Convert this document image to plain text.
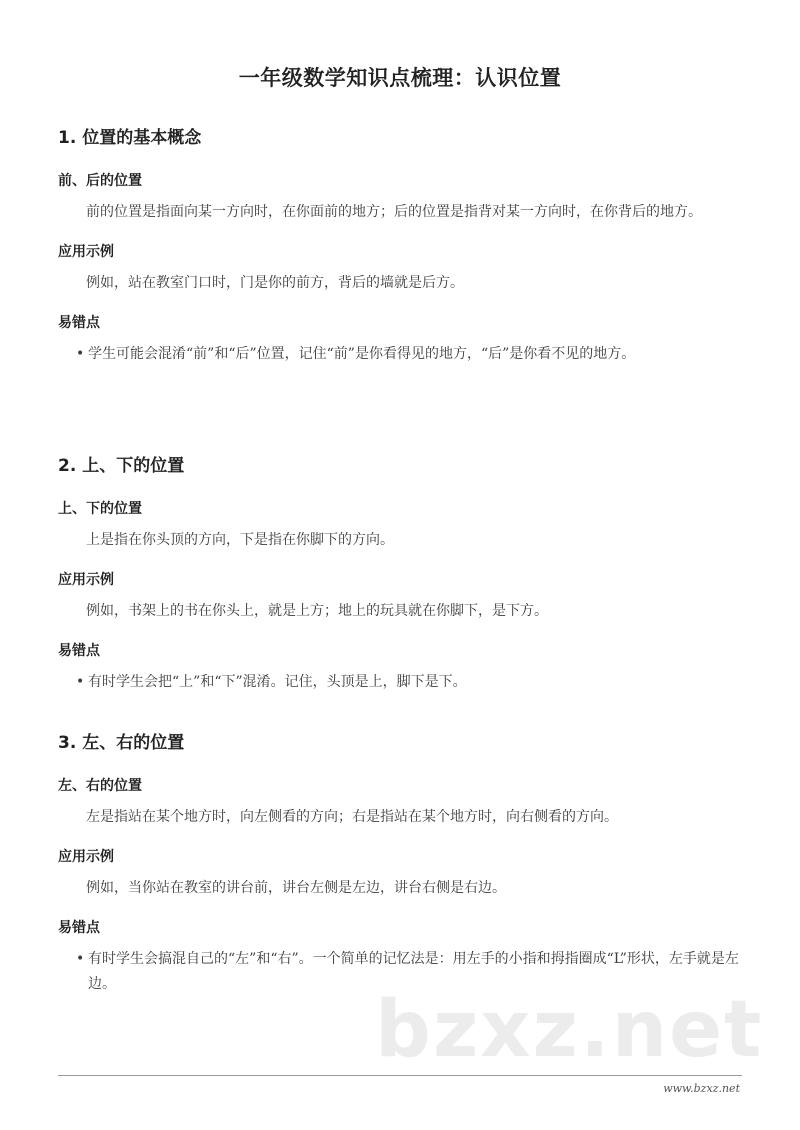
一年级数学知识点梳理：认识位置
1. 位置的基本概念
前、后的位置

前的位置是指面向某一方向时，在你面前的地方；后的位置是指背对某一方向时，在你背后的地方。

应用示例

例如，站在教室门口时，门是你的前方，背后的墙就是后方。

易错点
• 学生可能会混淆“前”和“后”位置，记住“前”是你看得见的地方，“后”是你看不见的地方。
2. 上、下的位置
上、下的位置

上是指在你头顶的方向，下是指在你脚下的方向。

应用示例

例如，书架上的书在你头上，就是上方；地上的玩具就在你脚下，是下方。

易错点
• 有时学生会把“上”和“下”混淆。记住，头顶是上，脚下是下。
3. 左、右的位置
左、右的位置

左是指站在某个地方时，向左侧看的方向；右是指站在某个地方时，向右侧看的方向。

应用示例

例如，当你站在教室的讲台前，讲台左侧是左边，讲台右侧是右边。

易错点
• 有时学生会搞混自己的“左”和“右”。一个简单的记忆法是：用左手的小指和拇指圈成“L”形状，左手就是左边。
bzxz.net
www.bzxz.net
